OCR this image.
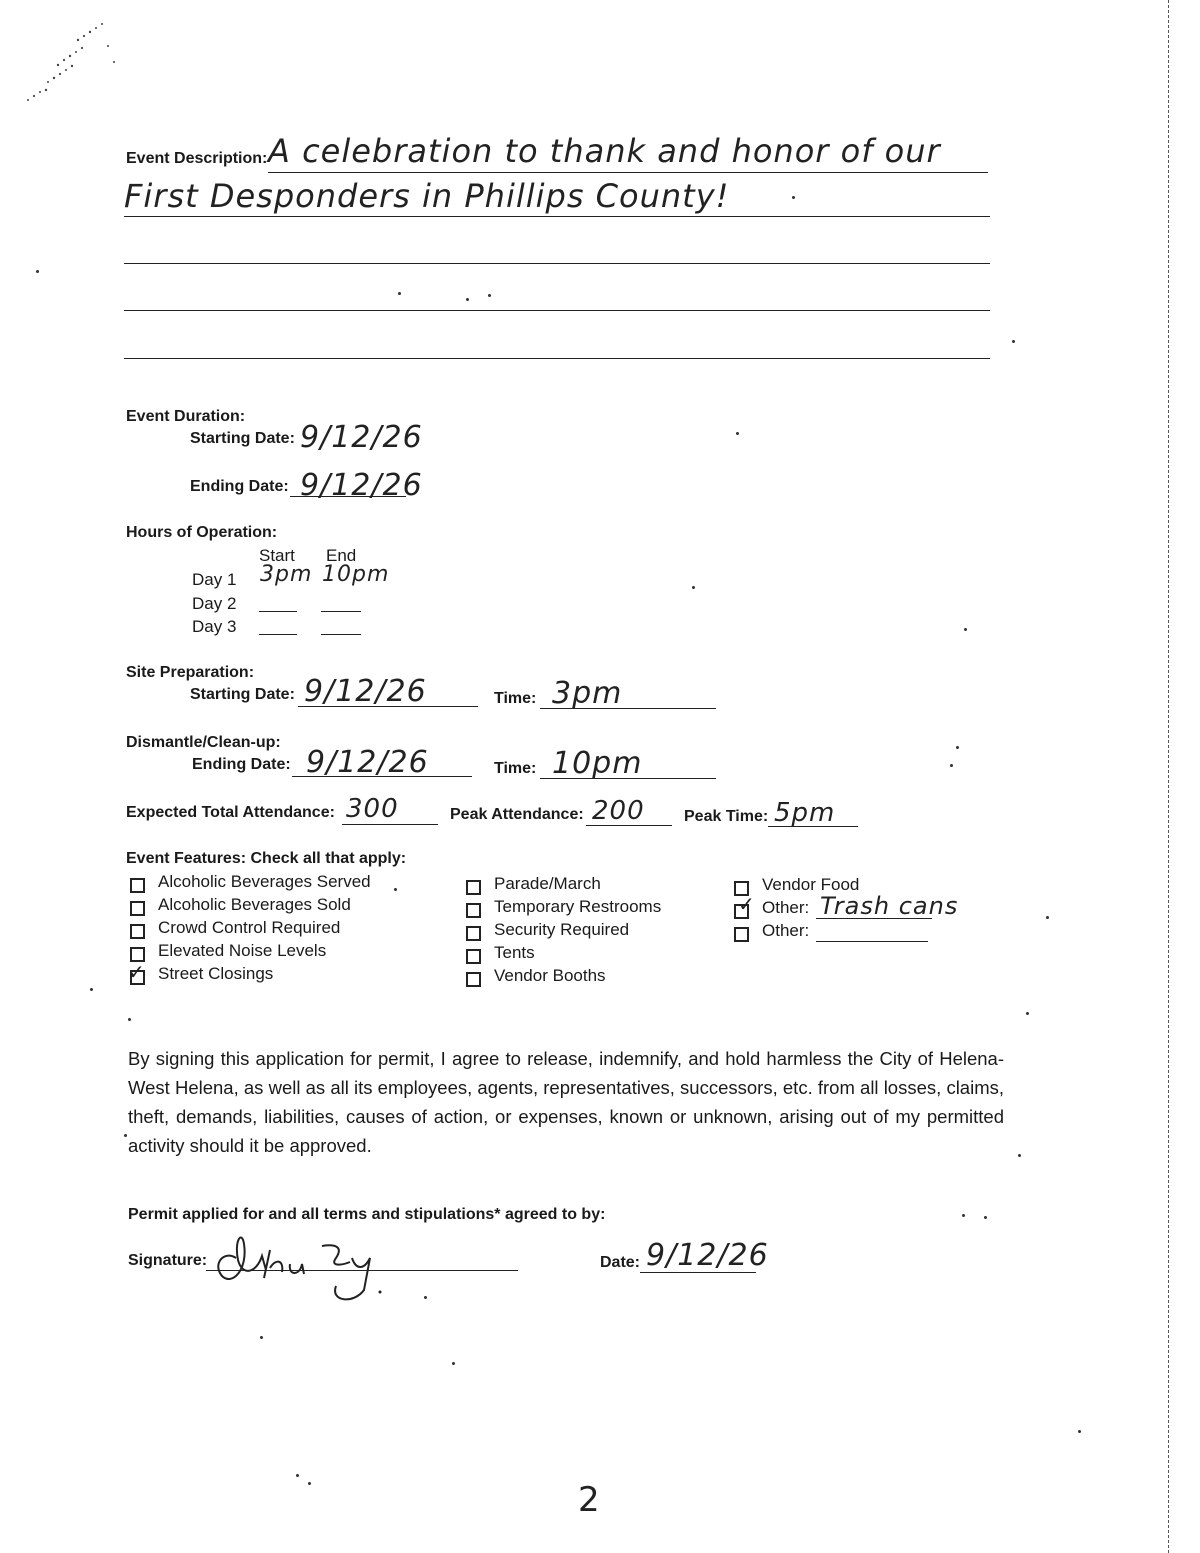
Event Description: A celebration to thank and honor of our
First Desponders in Phillips County!
Event Duration:
Starting Date: 9/12/26
Ending Date: 9/12/26
Hours of Operation:
Start End
Day 1 3pm 10pm
Day 2
Day 3
Site Preparation:
Starting Date: 9/12/26	Time: 3pm
Dismantle/Clean-up:
Ending Date: 9/12/26	Time: 10pm
Expected Total Attendance: 300	Peak Attendance: 200 Peak Time: 5pm
Event Features: Check all that apply:
Alcoholic Beverages Served
Alcoholic Beverages Sold
Crowd Control Required
Elevated Noise Levels
✓ Street Closings
Parade/March
Temporary Restrooms
Security Required
Tents
Vendor Booths
Vendor Food
✓ Other: Trash cans
Other:
By signing this application for permit, I agree to release, indemnify, and hold harmless the City of Helena-West Helena, as well as all its employees, agents, representatives, successors, etc. from all losses, claims, theft, demands, liabilities, causes of action, or expenses, known or unknown, arising out of my permitted activity should it be approved.
Permit applied for and all terms and stipulations* agreed to by:
Signature:	Date: 9/12/26
2
